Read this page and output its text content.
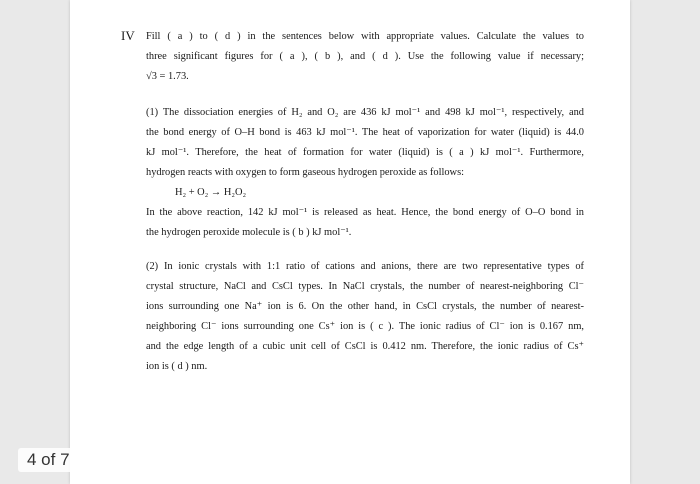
IV Fill ( a ) to ( d ) in the sentences below with appropriate values. Calculate the values to
three significant figures for ( a ), ( b ), and ( d ). Use the following value if necessary;
√3 = 1.73.
(1) The dissociation energies of H₂ and O₂ are 436 kJ mol⁻¹ and 498 kJ mol⁻¹, respectively, and
the bond energy of O–H bond is 463 kJ mol⁻¹. The heat of vaporization for water (liquid) is 44.0
kJ mol⁻¹. Therefore, the heat of formation for water (liquid) is ( a ) kJ mol⁻¹. Furthermore,
hydrogen reacts with oxygen to form gaseous hydrogen peroxide as follows:
H₂ + O₂ → H₂O₂
In the above reaction, 142 kJ mol⁻¹ is released as heat. Hence, the bond energy of O–O bond in
the hydrogen peroxide molecule is ( b ) kJ mol⁻¹.
(2) In ionic crystals with 1:1 ratio of cations and anions, there are two representative types of
crystal structure, NaCl and CsCl types. In NaCl crystals, the number of nearest-neighboring Cl⁻
ions surrounding one Na⁺ ion is 6. On the other hand, in CsCl crystals, the number of nearest-
neighboring Cl⁻ ions surrounding one Cs⁺ ion is ( c ). The ionic radius of Cl⁻ ion is 0.167 nm,
and the edge length of a cubic unit cell of CsCl is 0.412 nm. Therefore, the ionic radius of Cs⁺
ion is ( d ) nm.
4 of 7
